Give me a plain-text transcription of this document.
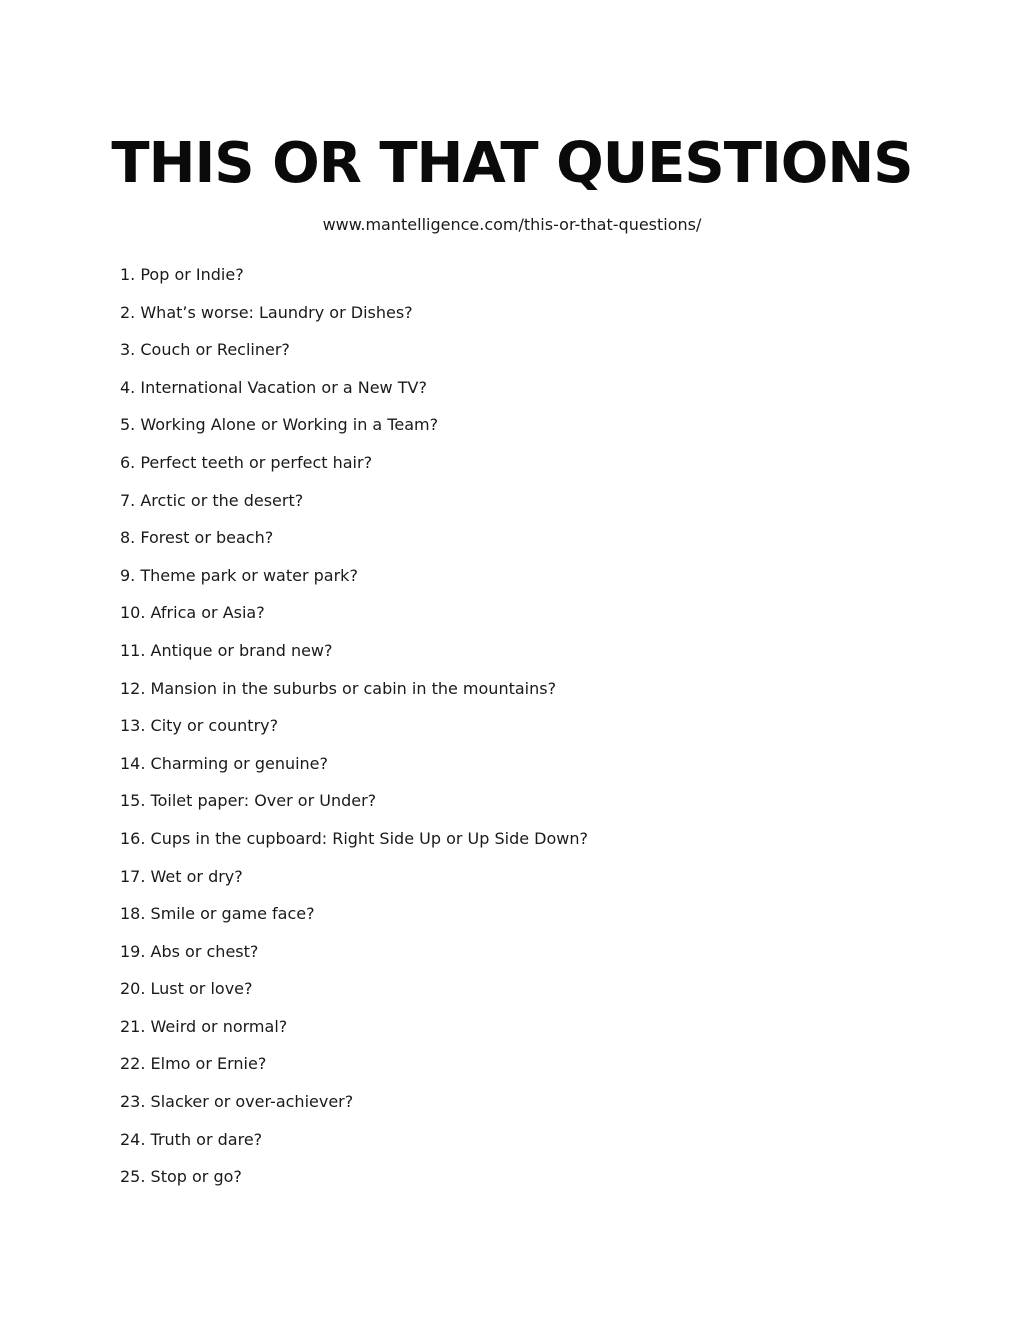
THIS OR THAT QUESTIONS
www.mantelligence.com/this-or-that-questions/
1. Pop or Indie?
2. What’s worse: Laundry or Dishes?
3. Couch or Recliner?
4. International Vacation or a New TV?
5. Working Alone or Working in a Team?
6. Perfect teeth or perfect hair?
7. Arctic or the desert?
8. Forest or beach?
9. Theme park or water park?
10. Africa or Asia?
11. Antique or brand new?
12. Mansion in the suburbs or cabin in the mountains?
13. City or country?
14. Charming or genuine?
15. Toilet paper: Over or Under?
16. Cups in the cupboard: Right Side Up or Up Side Down?
17. Wet or dry?
18. Smile or game face?
19. Abs or chest?
20. Lust or love?
21. Weird or normal?
22. Elmo or Ernie?
23. Slacker or over-achiever?
24. Truth or dare?
25. Stop or go?
